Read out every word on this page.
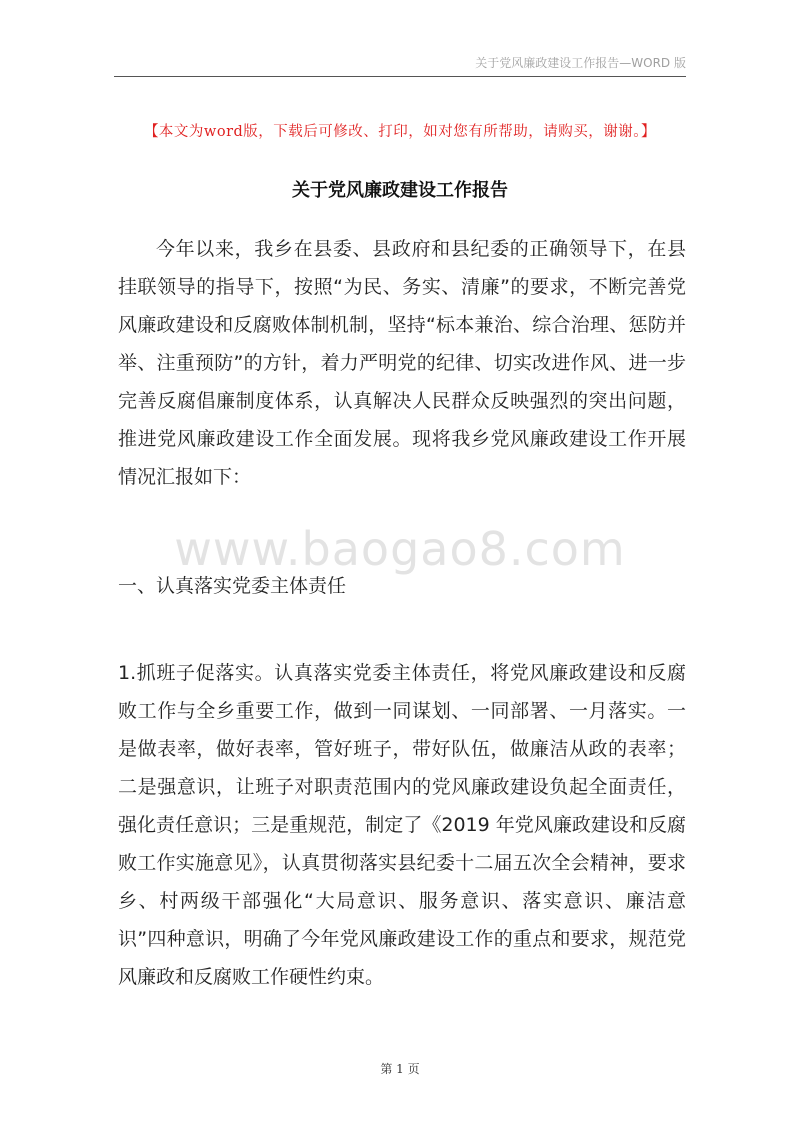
关于党风廉政建设工作报告—WORD 版
【本文为word版，下载后可修改、打印，如对您有所帮助，请购买，谢谢。】
关于党风廉政建设工作报告
今年以来，我乡在县委、县政府和县纪委的正确领导下，在县挂联领导的指导下，按照“为民、务实、清廉”的要求，不断完善党风廉政建设和反腐败体制机制，坚持“标本兼治、综合治理、惩防并举、注重预防”的方针，着力严明党的纪律、切实改进作风、进一步完善反腐倡廉制度体系，认真解决人民群众反映强烈的突出问题，推进党风廉政建设工作全面发展。现将我乡党风廉政建设工作开展情况汇报如下：
www.baogao8.com
一、认真落实党委主体责任
1.抓班子促落实。认真落实党委主体责任，将党风廉政建设和反腐败工作与全乡重要工作，做到一同谋划、一同部署、一月落实。一是做表率，做好表率，管好班子，带好队伍，做廉洁从政的表率；二是强意识，让班子对职责范围内的党风廉政建设负起全面责任，强化责任意识；三是重规范，制定了《2019 年党风廉政建设和反腐败工作实施意见》，认真贯彻落实县纪委十二届五次全会精神，要求乡、村两级干部强化“大局意识、服务意识、落实意识、廉洁意识”四种意识，明确了今年党风廉政建设工作的重点和要求，规范党风廉政和反腐败工作硬性约束。
第 1 页
